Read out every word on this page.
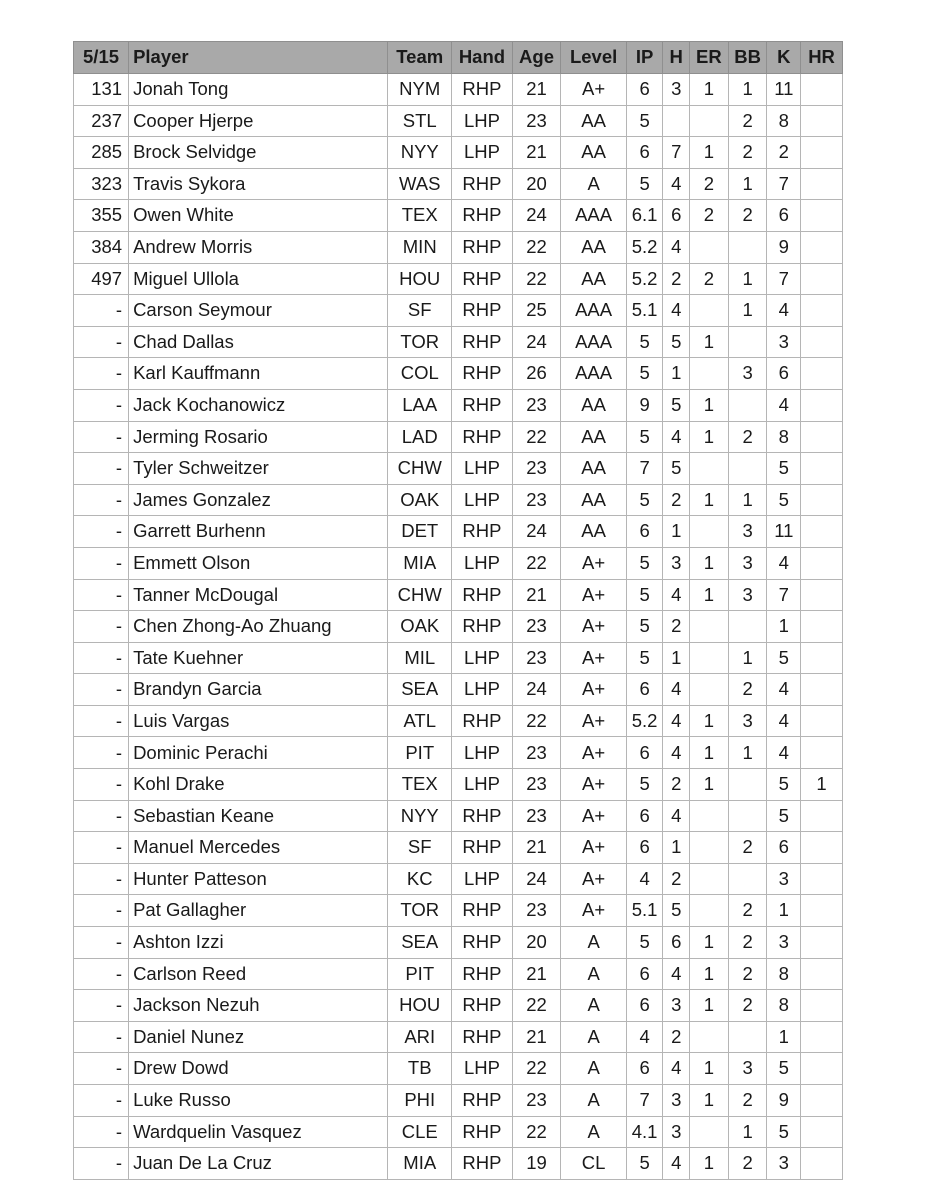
5/15	Player	Team	Hand	Age	Level	IP	H	ER	BB	K	HR
131	Jonah Tong	NYM	RHP	21	A+	6	3	1	1	11	
237	Cooper Hjerpe	STL	LHP	23	AA	5			2	8	
285	Brock Selvidge	NYY	LHP	21	AA	6	7	1	2	2	
323	Travis Sykora	WAS	RHP	20	A	5	4	2	1	7	
355	Owen White	TEX	RHP	24	AAA	6.1	6	2	2	6	
384	Andrew Morris	MIN	RHP	22	AA	5.2	4			9	
497	Miguel Ullola	HOU	RHP	22	AA	5.2	2	2	1	7	
-	Carson Seymour	SF	RHP	25	AAA	5.1	4		1	4	
-	Chad Dallas	TOR	RHP	24	AAA	5	5	1		3	
-	Karl Kauffmann	COL	RHP	26	AAA	5	1		3	6	
-	Jack Kochanowicz	LAA	RHP	23	AA	9	5	1		4	
-	Jerming Rosario	LAD	RHP	22	AA	5	4	1	2	8	
-	Tyler Schweitzer	CHW	LHP	23	AA	7	5			5	
-	James Gonzalez	OAK	LHP	23	AA	5	2	1	1	5	
-	Garrett Burhenn	DET	RHP	24	AA	6	1		3	11	
-	Emmett Olson	MIA	LHP	22	A+	5	3	1	3	4	
-	Tanner McDougal	CHW	RHP	21	A+	5	4	1	3	7	
-	Chen Zhong-Ao Zhuang	OAK	RHP	23	A+	5	2			1	
-	Tate Kuehner	MIL	LHP	23	A+	5	1		1	5	
-	Brandyn Garcia	SEA	LHP	24	A+	6	4		2	4	
-	Luis Vargas	ATL	RHP	22	A+	5.2	4	1	3	4	
-	Dominic Perachi	PIT	LHP	23	A+	6	4	1	1	4	
-	Kohl Drake	TEX	LHP	23	A+	5	2	1		5	1
-	Sebastian Keane	NYY	RHP	23	A+	6	4			5	
-	Manuel Mercedes	SF	RHP	21	A+	6	1		2	6	
-	Hunter Patteson	KC	LHP	24	A+	4	2			3	
-	Pat Gallagher	TOR	RHP	23	A+	5.1	5		2	1	
-	Ashton Izzi	SEA	RHP	20	A	5	6	1	2	3	
-	Carlson Reed	PIT	RHP	21	A	6	4	1	2	8	
-	Jackson Nezuh	HOU	RHP	22	A	6	3	1	2	8	
-	Daniel Nunez	ARI	RHP	21	A	4	2			1	
-	Drew Dowd	TB	LHP	22	A	6	4	1	3	5	
-	Luke Russo	PHI	RHP	23	A	7	3	1	2	9	
-	Wardquelin Vasquez	CLE	RHP	22	A	4.1	3		1	5	
-	Juan De La Cruz	MIA	RHP	19	CL	5	4	1	2	3	
